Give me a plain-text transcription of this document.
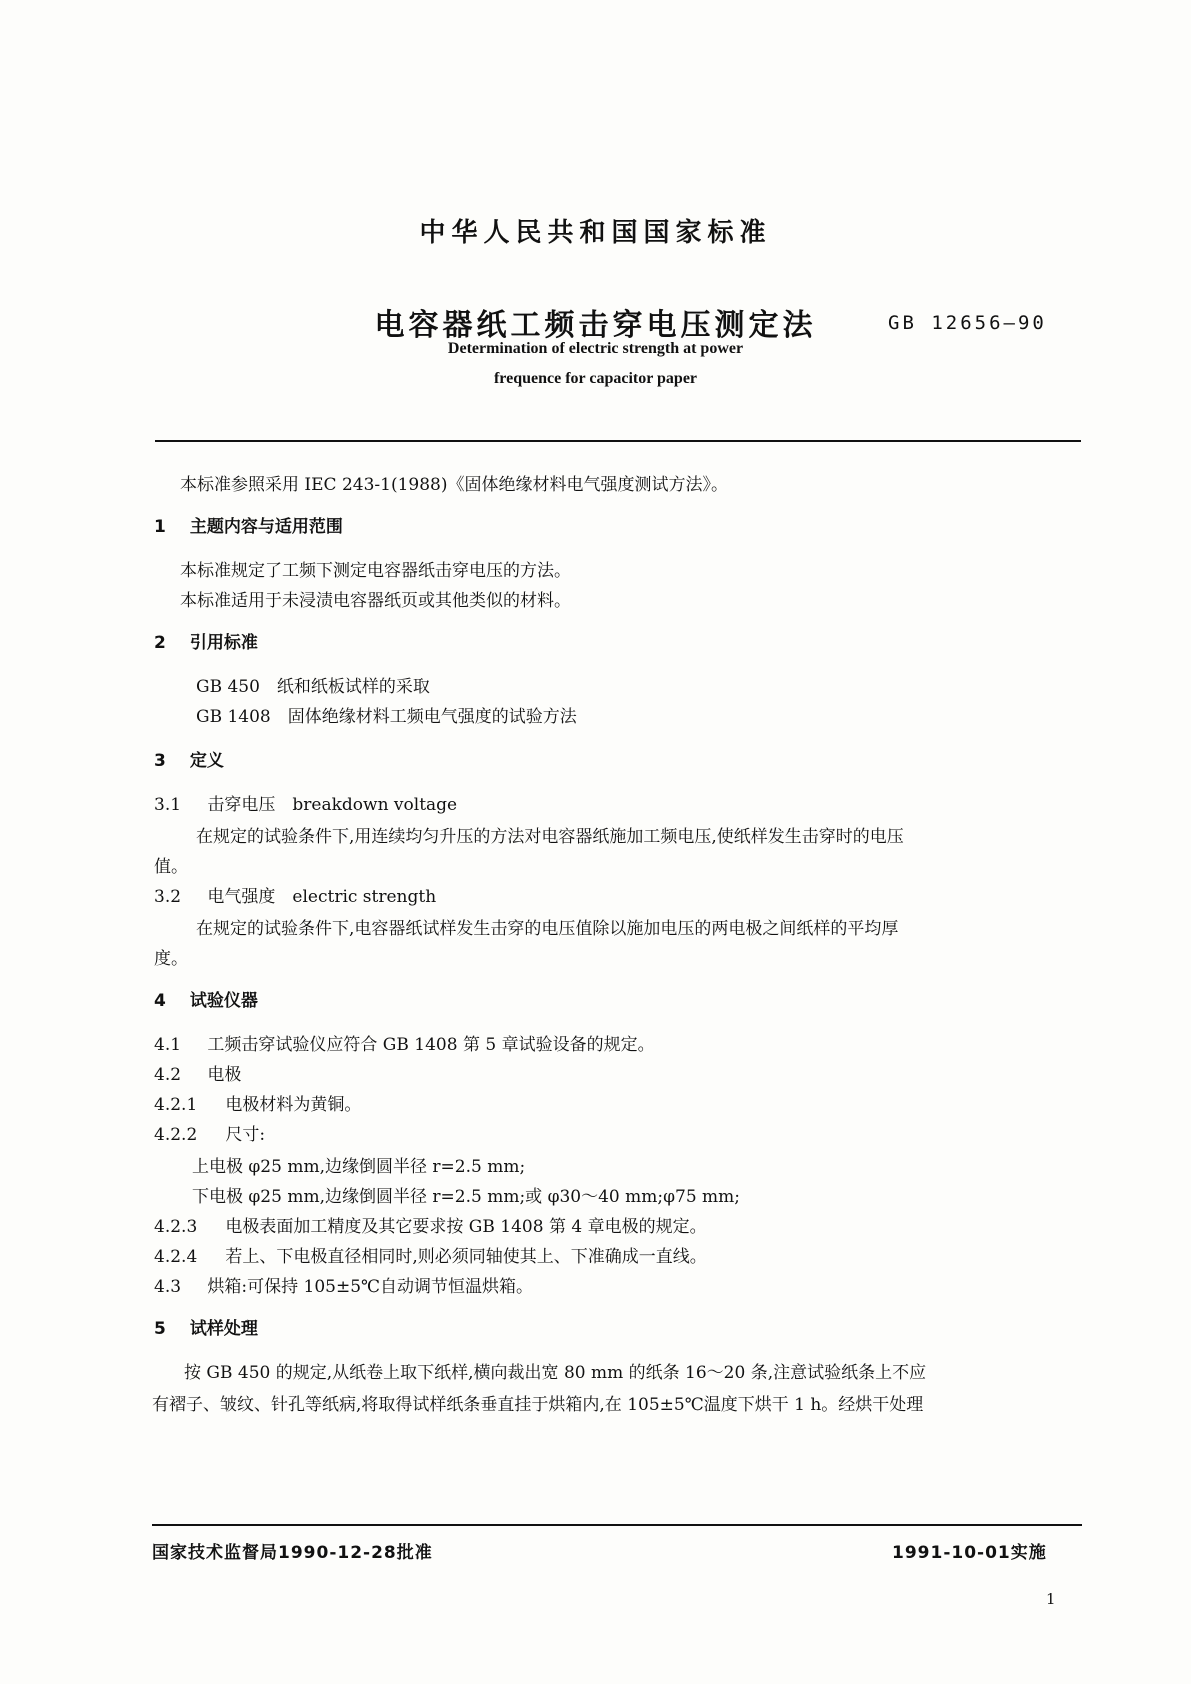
中华人民共和国国家标准
电容器纸工频击穿电压测定法	GB 12656—90
Determination of electric strength at power
frequence for capacitor paper
本标准参照采用 IEC 243-1(1988)《固体绝缘材料电气强度测试方法》。
1 主题内容与适用范围
本标准规定了工频下测定电容器纸击穿电压的方法。
本标准适用于未浸渍电容器纸页或其他类似的材料。
2 引用标准
GB 450　纸和纸板试样的采取
GB 1408　固体绝缘材料工频电气强度的试验方法
3 定义
3.1 击穿电压　breakdown voltage
在规定的试验条件下,用连续均匀升压的方法对电容器纸施加工频电压,使纸样发生击穿时的电压
值。
3.2 电气强度　electric strength
在规定的试验条件下,电容器纸试样发生击穿的电压值除以施加电压的两电极之间纸样的平均厚
度。
4 试验仪器
4.1 工频击穿试验仪应符合 GB 1408 第 5 章试验设备的规定。
4.2 电极
4.2.1 电极材料为黄铜。
4.2.2 尺寸:
上电极 φ25 mm,边缘倒圆半径 r=2.5 mm;
下电极 φ25 mm,边缘倒圆半径 r=2.5 mm;或 φ30～40 mm;φ75 mm;
4.2.3 电极表面加工精度及其它要求按 GB 1408 第 4 章电极的规定。
4.2.4 若上、下电极直径相同时,则必须同轴使其上、下准确成一直线。
4.3 烘箱:可保持 105±5℃自动调节恒温烘箱。
5 试样处理
按 GB 450 的规定,从纸卷上取下纸样,横向裁出宽 80 mm 的纸条 16～20 条,注意试验纸条上不应
有褶子、皱纹、针孔等纸病,将取得试样纸条垂直挂于烘箱内,在 105±5℃温度下烘干 1 h。经烘干处理
国家技术监督局1990-12-28批准	1991-10-01实施
1
